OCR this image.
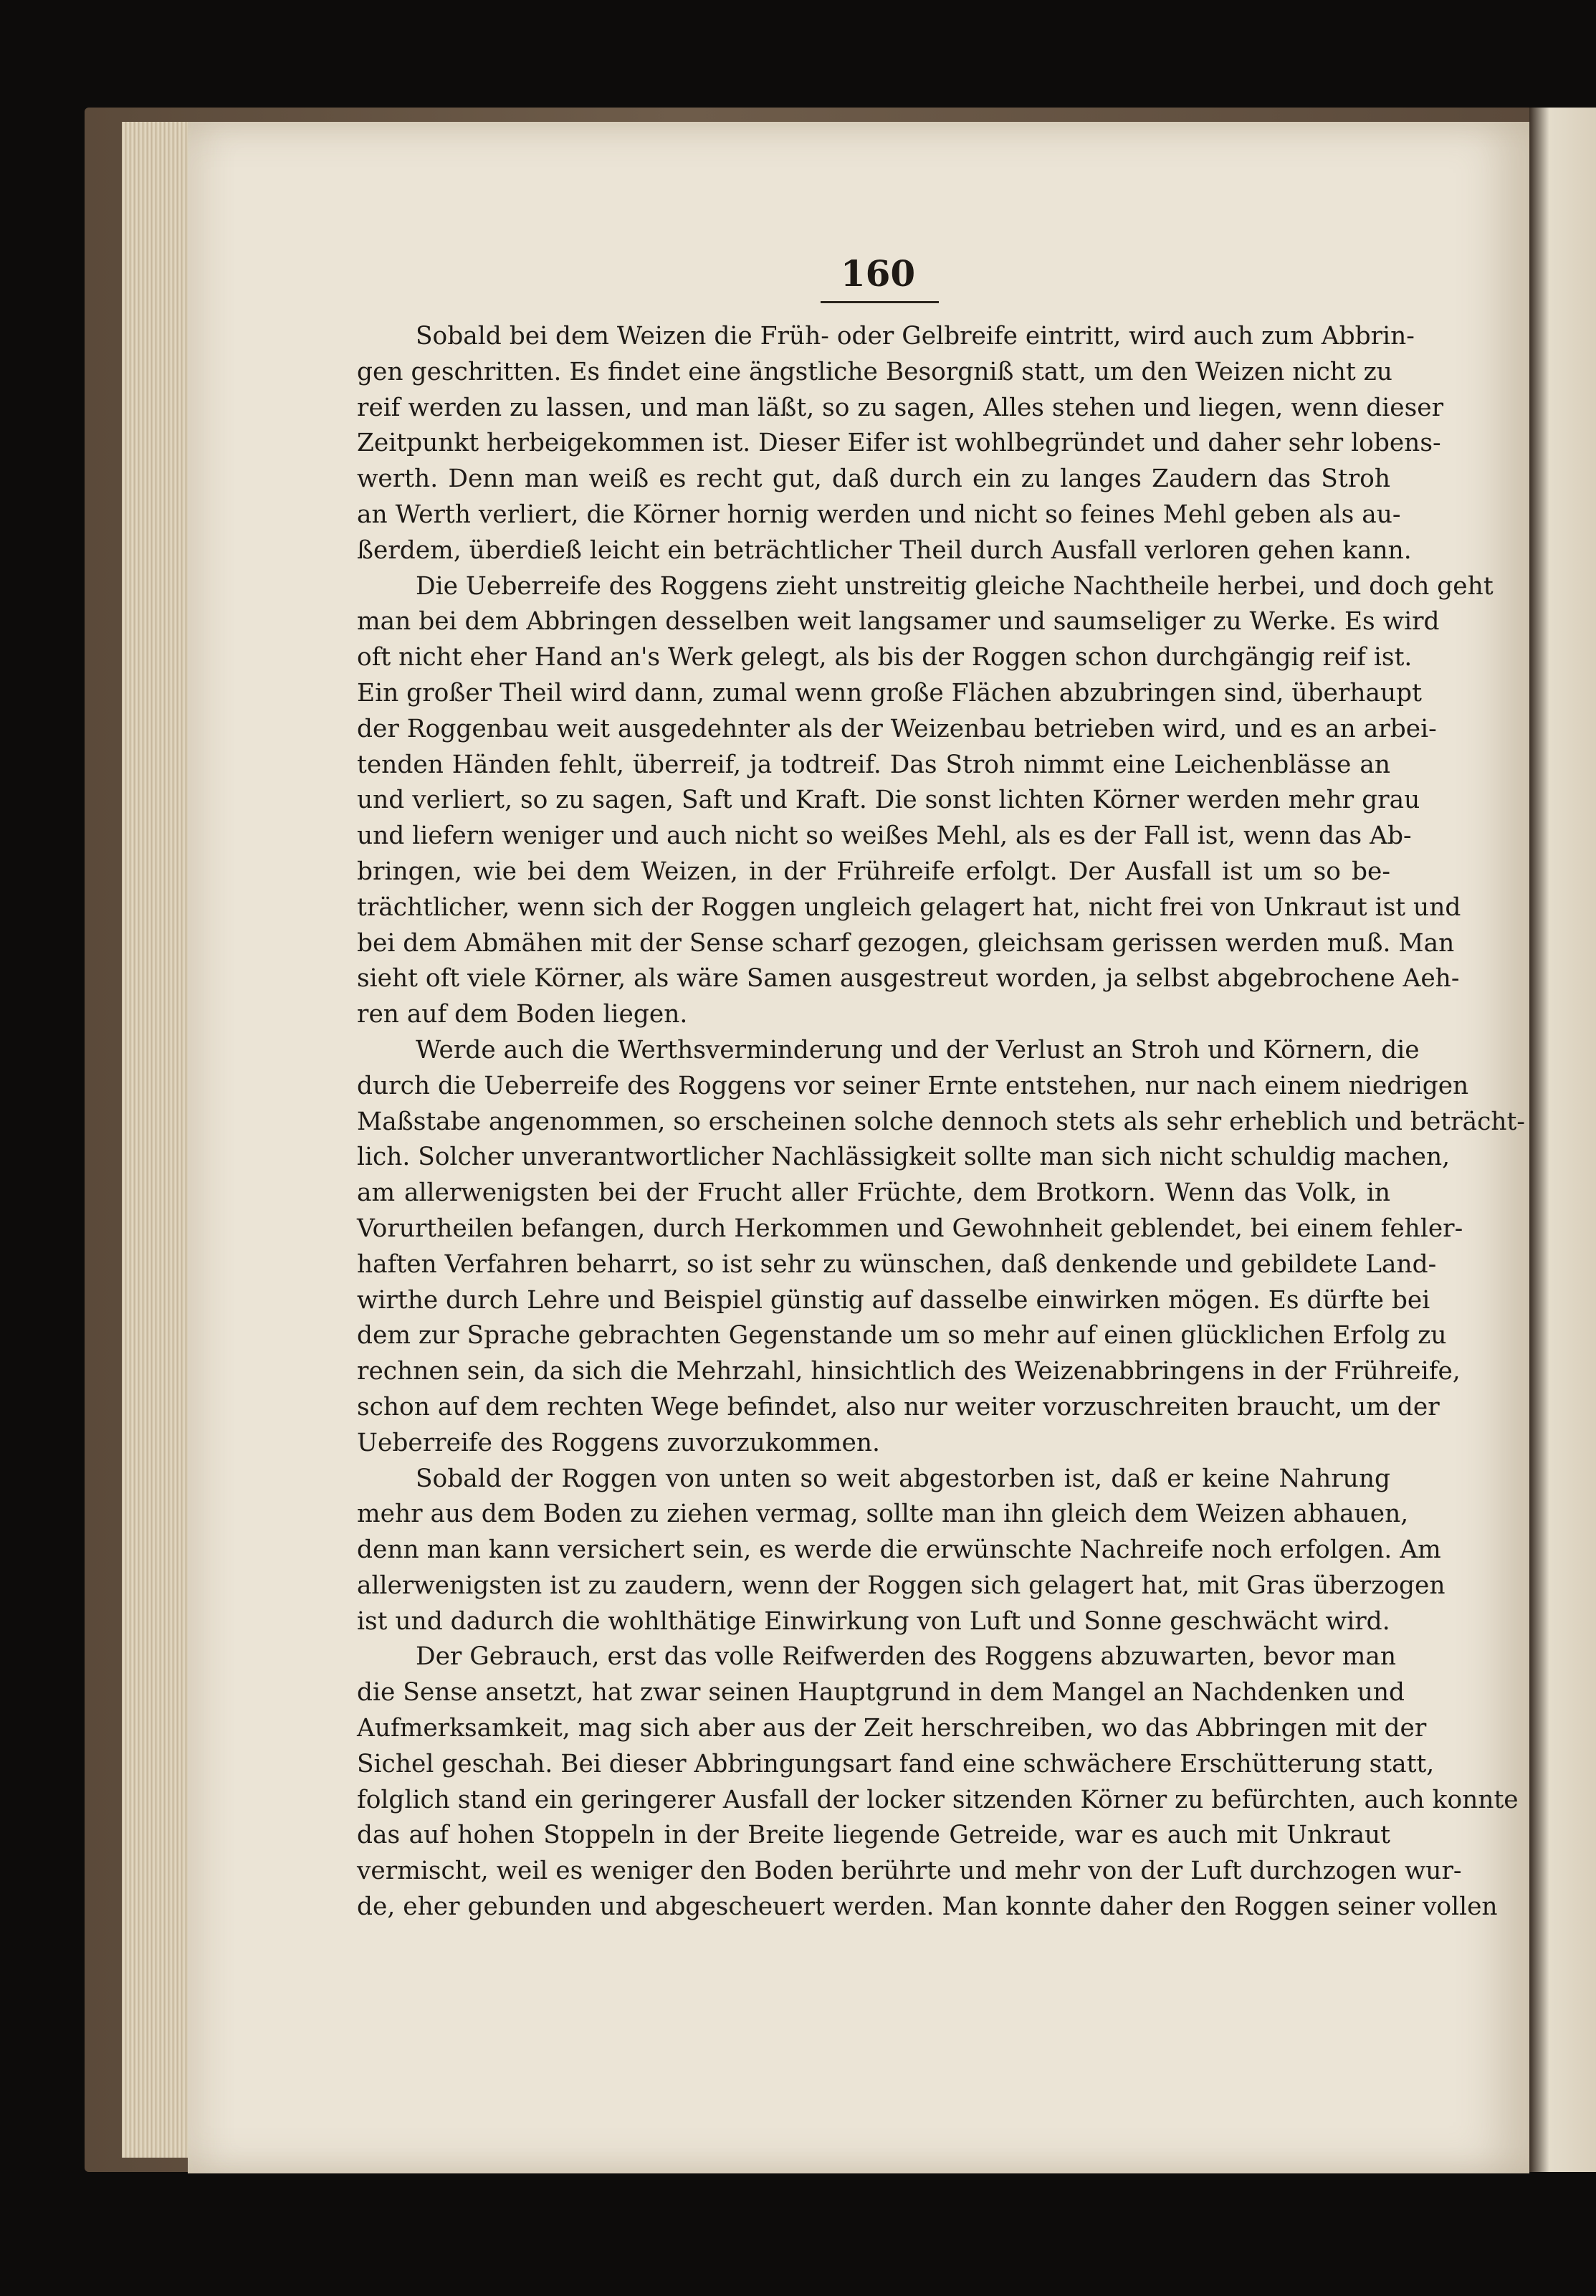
160
Sobald bei dem Weizen die Früh- oder Gelbreife eintritt, wird auch zum Abbrin-
gen geschritten. Es findet eine ängstliche Besorgniß statt, um den Weizen nicht zu
reif werden zu lassen, und man läßt, so zu sagen, Alles stehen und liegen, wenn dieser
Zeitpunkt herbeigekommen ist. Dieser Eifer ist wohlbegründet und daher sehr lobens-
werth. Denn man weiß es recht gut, daß durch ein zu langes Zaudern das Stroh
an Werth verliert, die Körner hornig werden und nicht so feines Mehl geben als au-
ßerdem, überdieß leicht ein beträchtlicher Theil durch Ausfall verloren gehen kann.
Die Ueberreife des Roggens zieht unstreitig gleiche Nachtheile herbei, und doch geht
man bei dem Abbringen desselben weit langsamer und saumseliger zu Werke. Es wird
oft nicht eher Hand an's Werk gelegt, als bis der Roggen schon durchgängig reif ist.
Ein großer Theil wird dann, zumal wenn große Flächen abzubringen sind, überhaupt
der Roggenbau weit ausgedehnter als der Weizenbau betrieben wird, und es an arbei-
tenden Händen fehlt, überreif, ja todtreif. Das Stroh nimmt eine Leichenblässe an
und verliert, so zu sagen, Saft und Kraft. Die sonst lichten Körner werden mehr grau
und liefern weniger und auch nicht so weißes Mehl, als es der Fall ist, wenn das Ab-
bringen, wie bei dem Weizen, in der Frühreife erfolgt. Der Ausfall ist um so be-
trächtlicher, wenn sich der Roggen ungleich gelagert hat, nicht frei von Unkraut ist und
bei dem Abmähen mit der Sense scharf gezogen, gleichsam gerissen werden muß. Man
sieht oft viele Körner, als wäre Samen ausgestreut worden, ja selbst abgebrochene Aeh-
ren auf dem Boden liegen.
Werde auch die Werthsverminderung und der Verlust an Stroh und Körnern, die
durch die Ueberreife des Roggens vor seiner Ernte entstehen, nur nach einem niedrigen
Maßstabe angenommen, so erscheinen solche dennoch stets als sehr erheblich und beträcht-
lich. Solcher unverantwortlicher Nachlässigkeit sollte man sich nicht schuldig machen,
am allerwenigsten bei der Frucht aller Früchte, dem Brotkorn. Wenn das Volk, in
Vorurtheilen befangen, durch Herkommen und Gewohnheit geblendet, bei einem fehler-
haften Verfahren beharrt, so ist sehr zu wünschen, daß denkende und gebildete Land-
wirthe durch Lehre und Beispiel günstig auf dasselbe einwirken mögen. Es dürfte bei
dem zur Sprache gebrachten Gegenstande um so mehr auf einen glücklichen Erfolg zu
rechnen sein, da sich die Mehrzahl, hinsichtlich des Weizenabbringens in der Frühreife,
schon auf dem rechten Wege befindet, also nur weiter vorzuschreiten braucht, um der
Ueberreife des Roggens zuvorzukommen.
Sobald der Roggen von unten so weit abgestorben ist, daß er keine Nahrung
mehr aus dem Boden zu ziehen vermag, sollte man ihn gleich dem Weizen abhauen,
denn man kann versichert sein, es werde die erwünschte Nachreife noch erfolgen. Am
allerwenigsten ist zu zaudern, wenn der Roggen sich gelagert hat, mit Gras überzogen
ist und dadurch die wohlthätige Einwirkung von Luft und Sonne geschwächt wird.
Der Gebrauch, erst das volle Reifwerden des Roggens abzuwarten, bevor man
die Sense ansetzt, hat zwar seinen Hauptgrund in dem Mangel an Nachdenken und
Aufmerksamkeit, mag sich aber aus der Zeit herschreiben, wo das Abbringen mit der
Sichel geschah. Bei dieser Abbringungsart fand eine schwächere Erschütterung statt,
folglich stand ein geringerer Ausfall der locker sitzenden Körner zu befürchten, auch konnte
das auf hohen Stoppeln in der Breite liegende Getreide, war es auch mit Unkraut
vermischt, weil es weniger den Boden berührte und mehr von der Luft durchzogen wur-
de, eher gebunden und abgescheuert werden. Man konnte daher den Roggen seiner vollen
